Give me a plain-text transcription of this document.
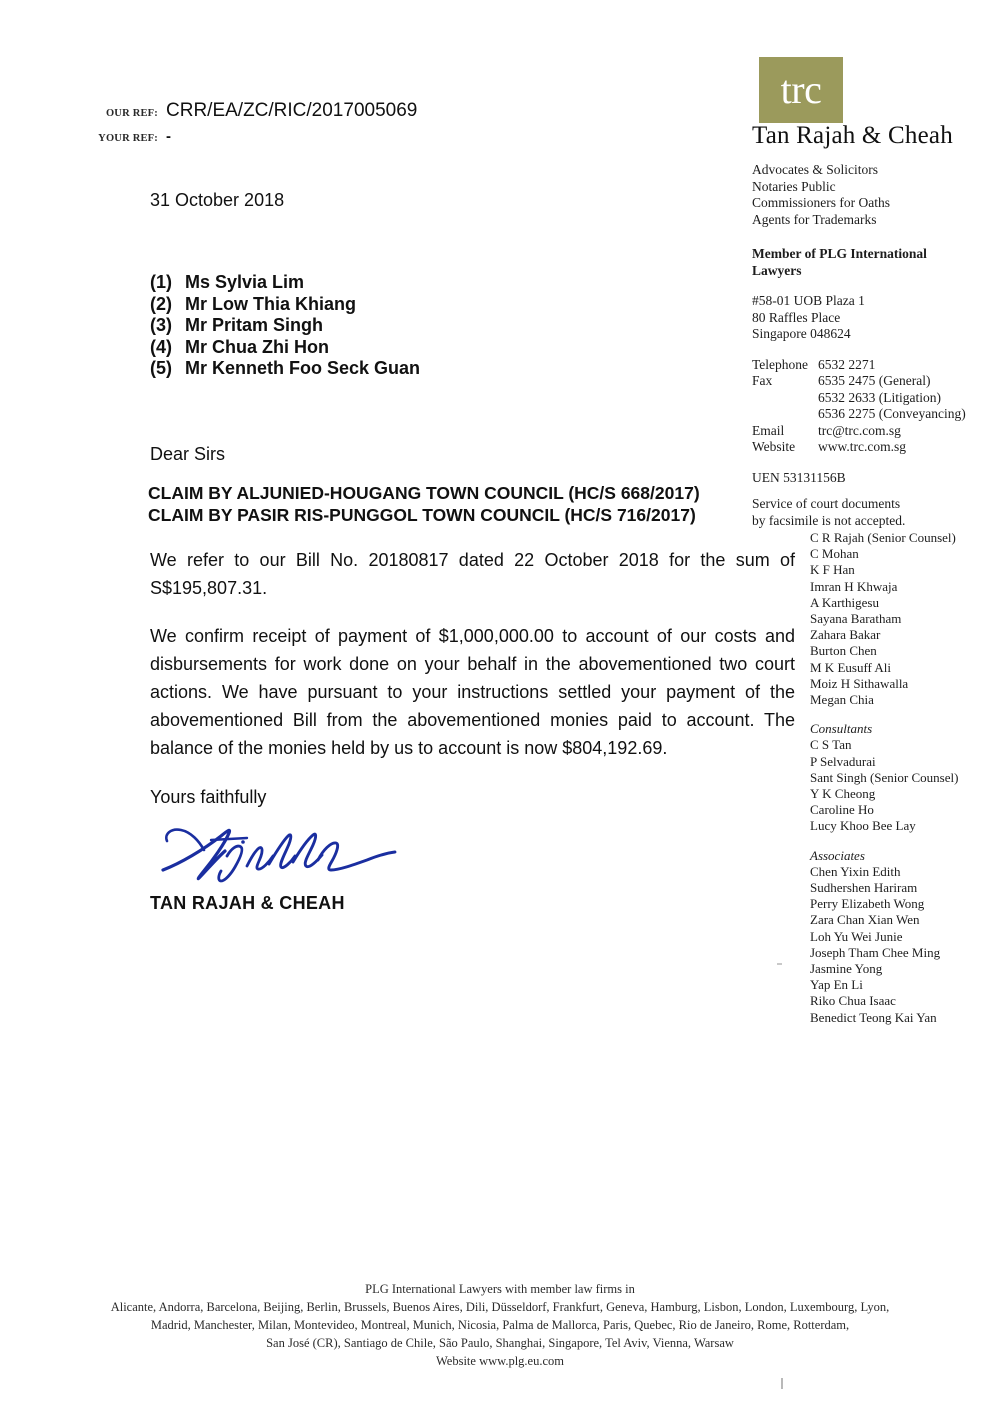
trc
Tan Rajah & Cheah
Advocates & Solicitors
Notaries Public
Commissioners for Oaths
Agents for Trademarks
Member of PLG International Lawyers
#58-01 UOB Plaza 1
80 Raffles Place
Singapore 048624
Telephone 6532 2271
Fax	6535 2475 (General)
6532 2633 (Litigation)
6536 2275 (Conveyancing)
Email	trc@trc.com.sg
Website	www.trc.com.sg
UEN 53131156B
Service of court documents
by facsimile is not accepted.
C R Rajah (Senior Counsel)
C Mohan
K F Han
Imran H Khwaja
A Karthigesu
Sayana Baratham
Zahara Bakar
Burton Chen
M K Eusuff Ali
Moiz H Sithawalla
Megan Chia
Consultants
C S Tan
P Selvadurai
Sant Singh (Senior Counsel)
Y K Cheong
Caroline Ho
Lucy Khoo Bee Lay
Associates
Chen Yixin Edith
Sudhershen Hariram
Perry Elizabeth Wong
Zara Chan Xian Wen
Loh Yu Wei Junie
Joseph Tham Chee Ming
Jasmine Yong
Yap En Li
Riko Chua Isaac
Benedict Teong Kai Yan
OUR REF: CRR/EA/ZC/RIC/2017005069
YOUR REF: -
31 October 2018
(1) Ms Sylvia Lim
(2) Mr Low Thia Khiang
(3) Mr Pritam Singh
(4) Mr Chua Zhi Hon
(5) Mr Kenneth Foo Seck Guan
Dear Sirs
CLAIM BY ALJUNIED-HOUGANG TOWN COUNCIL (HC/S 668/2017)
CLAIM BY PASIR RIS-PUNGGOL TOWN COUNCIL (HC/S 716/2017)
We refer to our Bill No. 20180817 dated 22 October 2018 for the sum of S$195,807.31.
We confirm receipt of payment of $1,000,000.00 to account of our costs and disbursements for work done on your behalf in the abovementioned two court actions. We have pursuant to your instructions settled your payment of the abovementioned Bill from the abovementioned monies paid to account. The balance of the monies held by us to account is now $804,192.69.
Yours faithfully
TAN RAJAH & CHEAH
PLG International Lawyers with member law firms in
Alicante, Andorra, Barcelona, Beijing, Berlin, Brussels, Buenos Aires, Dili, Düsseldorf, Frankfurt, Geneva, Hamburg, Lisbon, London, Luxembourg, Lyon,
Madrid, Manchester, Milan, Montevideo, Montreal, Munich, Nicosia, Palma de Mallorca, Paris, Quebec, Rio de Janeiro, Rome, Rotterdam,
San José (CR), Santiago de Chile, São Paulo, Shanghai, Singapore, Tel Aviv, Vienna, Warsaw
Website www.plg.eu.com
